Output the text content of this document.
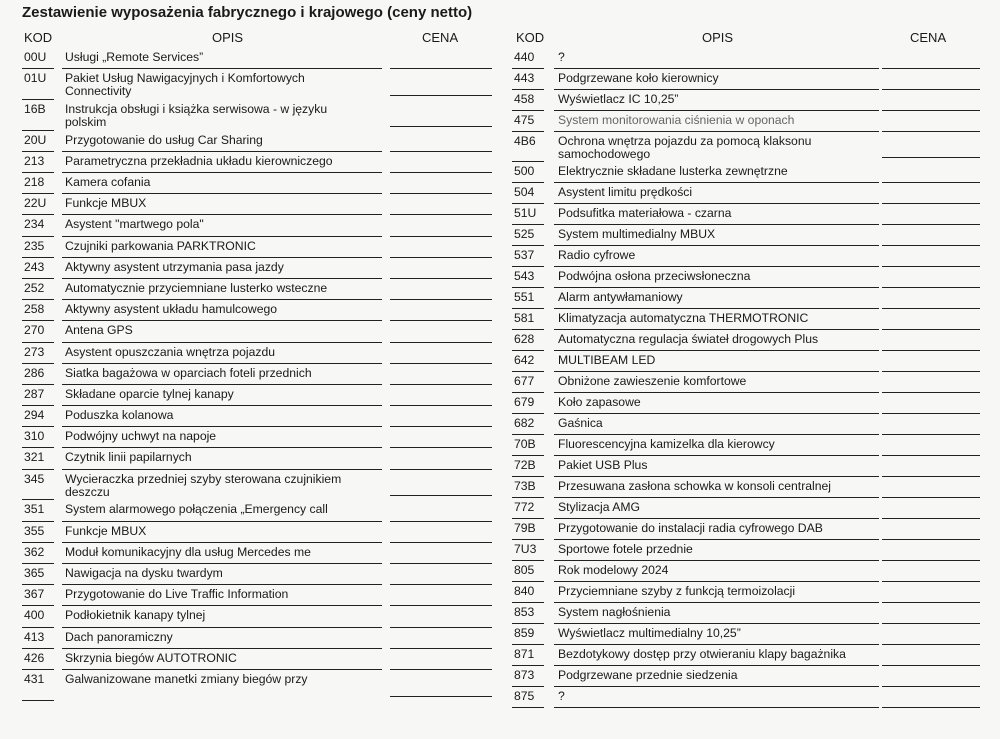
Zestawienie wyposażenia fabrycznego i krajowego (ceny netto)
KOD	OPIS	CENA
00U	Usługi „Remote Services”
01U	Pakiet Usług Nawigacyjnych i Komfortowych Connectivity
16B	Instrukcja obsługi i książka serwisowa - w języku polskim
20U	Przygotowanie do usług Car Sharing
213	Parametryczna przekładnia układu kierowniczego
218	Kamera cofania
22U	Funkcje MBUX
234	Asystent "martwego pola"
235	Czujniki parkowania PARKTRONIC
243	Aktywny asystent utrzymania pasa jazdy
252	Automatycznie przyciemniane lusterko wsteczne
258	Aktywny asystent układu hamulcowego
270	Antena GPS
273	Asystent opuszczania wnętrza pojazdu
286	Siatka bagażowa w oparciach foteli przednich
287	Składane oparcie tylnej kanapy
294	Poduszka kolanowa
310	Podwójny uchwyt na napoje
321	Czytnik linii papilarnych
345	Wycieraczka przedniej szyby sterowana czujnikiem deszczu
351	System alarmowego połączenia „Emergency call
355	Funkcje MBUX
362	Moduł komunikacyjny dla usług Mercedes me
365	Nawigacja na dysku twardym
367	Przygotowanie do Live Traffic Information
400	Podłokietnik kanapy tylnej
413	Dach panoramiczny
426	Skrzynia biegów AUTOTRONIC
431	Galwanizowane manetki zmiany biegów przy
KOD	OPIS	CENA
440	?
443	Podgrzewane koło kierownicy
458	Wyświetlacz IC 10,25”
475	System monitorowania ciśnienia w oponach
4B6	Ochrona wnętrza pojazdu za pomocą klaksonu samochodowego
500	Elektrycznie składane lusterka zewnętrzne
504	Asystent limitu prędkości
51U	Podsufitka materiałowa - czarna
525	System multimedialny MBUX
537	Radio cyfrowe
543	Podwójna osłona przeciwsłoneczna
551	Alarm antywłamaniowy
581	Klimatyzacja automatyczna THERMOTRONIC
628	Automatyczna regulacja świateł drogowych Plus
642	MULTIBEAM LED
677	Obniżone zawieszenie komfortowe
679	Koło zapasowe
682	Gaśnica
70B	Fluorescencyjna kamizelka dla kierowcy
72B	Pakiet USB Plus
73B	Przesuwana zasłona schowka w konsoli centralnej
772	Stylizacja AMG
79B	Przygotowanie do instalacji radia cyfrowego DAB
7U3	Sportowe fotele przednie
805	Rok modelowy 2024
840	Przyciemniane szyby z funkcją termoizolacji
853	System nagłośnienia
859	Wyświetlacz multimedialny 10,25”
871	Bezdotykowy dostęp przy otwieraniu klapy bagażnika
873	Podgrzewane przednie siedzenia
875	?
